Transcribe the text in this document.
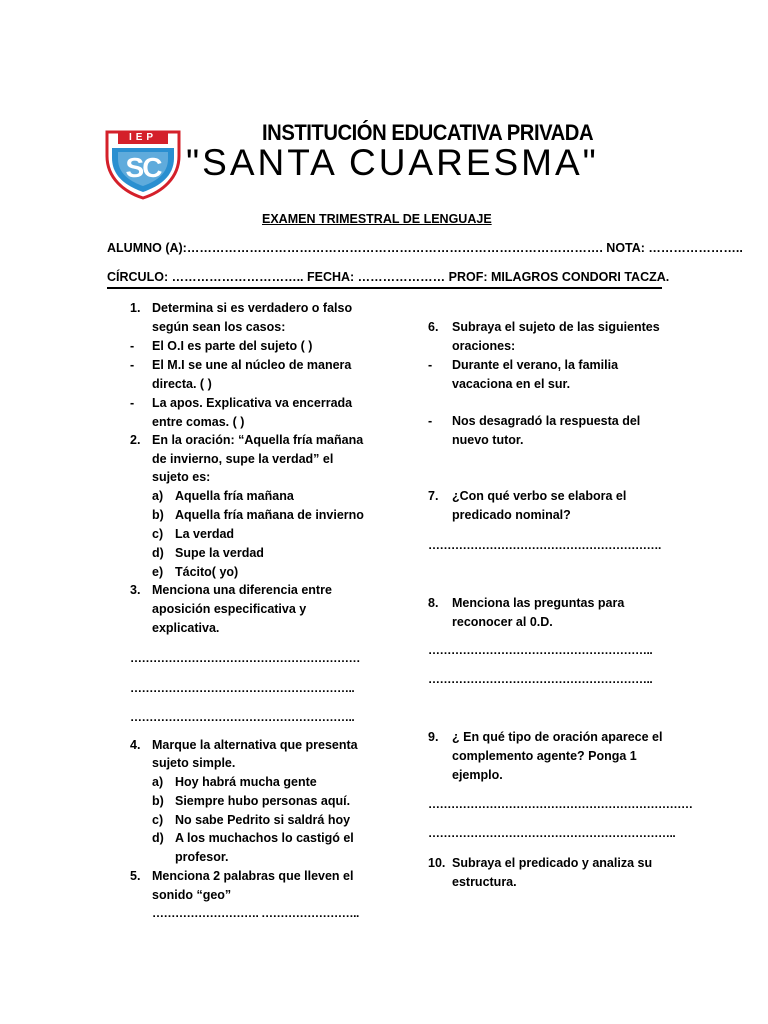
IEP
SC
INSTITUCIÓN EDUCATIVA PRIVADA
"SANTA CUARESMA"
EXAMEN TRIMESTRAL DE LENGUAJE
ALUMNO (A):………………………………………………………………………………………. NOTA: …………………..
CÍRCULO: ………………………….. FECHA: ………………… PROF: MILAGROS CONDORI TACZA.
1. Determina si es verdadero o falso
según sean los casos:
- El O.I es parte del sujeto ( )
- El M.I se une al núcleo de manera
directa. ( )
- La apos. Explicativa va encerrada
entre comas. ( )
2. En la oración: “Aquella fría mañana
de invierno, supe la verdad” el
sujeto es:
a) Aquella fría mañana
b) Aquella fría mañana de invierno
c) La verdad
d) Supe la verdad
e) Tácito( yo)
3. Menciona una diferencia entre
aposición especificativa y
explicativa.
……………………………………………………
…………………………………………………..
…………………………………………………..
4. Marque la alternativa que presenta
sujeto simple.
a) Hoy habrá mucha gente
b) Siempre hubo personas aquí.
c) No sabe Pedrito si saldrá hoy
d) A los muchachos lo castigó el
profesor.
5. Menciona 2 palabras que lleven el
sonido “geo”
………………………. ……………………..
6. Subraya el sujeto de las siguientes
oraciones:
- Durante el verano, la familia
vacaciona en el sur.
- Nos desagradó la respuesta del
nuevo tutor.
7. ¿Con qué verbo se elabora el
predicado nominal?
…………………………………………………….
8. Menciona las preguntas para
reconocer al 0.D.
…………………………………………………..
…………………………………………………..
9. ¿ En qué tipo de oración aparece el
complemento agente? Ponga 1
ejemplo.
……………………………………………………………
………………………………………………………..
10. Subraya el predicado y analiza su
estructura.
